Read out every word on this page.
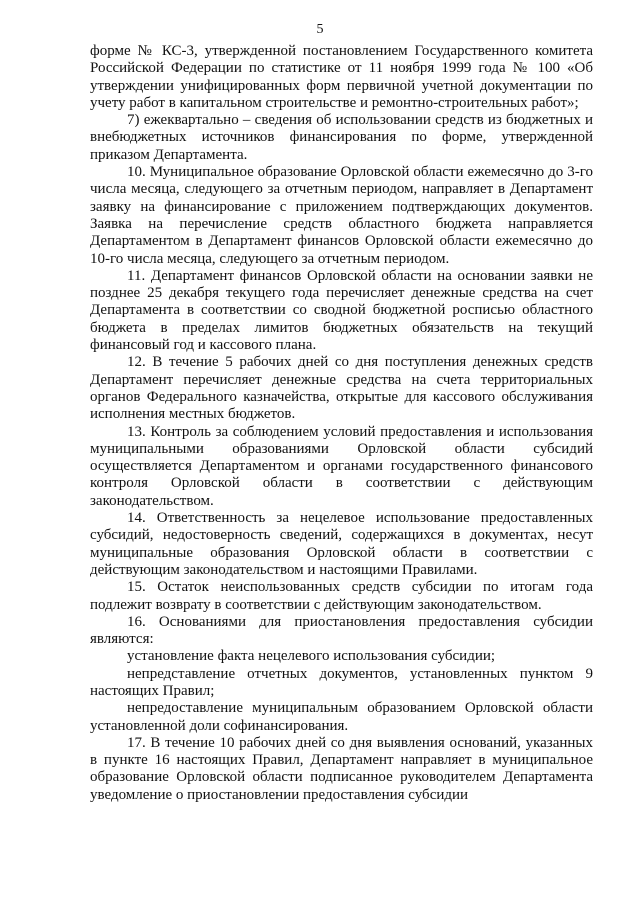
5

форме № КС-3, утвержденной постановлением Государственного комитета Российской Федерации по статистике от 11 ноября 1999 года № 100 «Об утверждении унифицированных форм первичной учетной документации по учету работ в капитальном строительстве и ремонтно-строительных работ»;

7) ежеквартально – сведения об использовании средств из бюджетных и внебюджетных источников финансирования по форме, утвержденной приказом Департамента.

10. Муниципальное образование Орловской области ежемесячно до 3-го числа месяца, следующего за отчетным периодом, направляет в Департамент заявку на финансирование с приложением подтверждающих документов. Заявка на перечисление средств областного бюджета направляется Департаментом в Департамент финансов Орловской области ежемесячно до 10-го числа месяца, следующего за отчетным периодом.

11. Департамент финансов Орловской области на основании заявки не позднее 25 декабря текущего года перечисляет денежные средства на счет Департамента в соответствии со сводной бюджетной росписью областного бюджета в пределах лимитов бюджетных обязательств на текущий финансовый год и кассового плана.

12. В течение 5 рабочих дней со дня поступления денежных средств Департамент перечисляет денежные средства на счета территориальных органов Федерального казначейства, открытые для кассового обслуживания исполнения местных бюджетов.

13. Контроль за соблюдением условий предоставления и использования муниципальными образованиями Орловской области субсидий осуществляется Департаментом и органами государственного финансового контроля Орловской области в соответствии с действующим законодательством.

14. Ответственность за нецелевое использование предоставленных субсидий, недостоверность сведений, содержащихся в документах, несут муниципальные образования Орловской области в соответствии с действующим законодательством и настоящими Правилами.

15. Остаток неиспользованных средств субсидии по итогам года подлежит возврату в соответствии с действующим законодательством.

16. Основаниями для приостановления предоставления субсидии являются:

установление факта нецелевого использования субсидии;

непредставление отчетных документов, установленных пунктом 9 настоящих Правил;

непредоставление муниципальным образованием Орловской области установленной доли софинансирования.

17. В течение 10 рабочих дней со дня выявления оснований, указанных в пункте 16 настоящих Правил, Департамент направляет в муниципальное образование Орловской области подписанное руководителем Департамента уведомление о приостановлении предоставления субсидии
